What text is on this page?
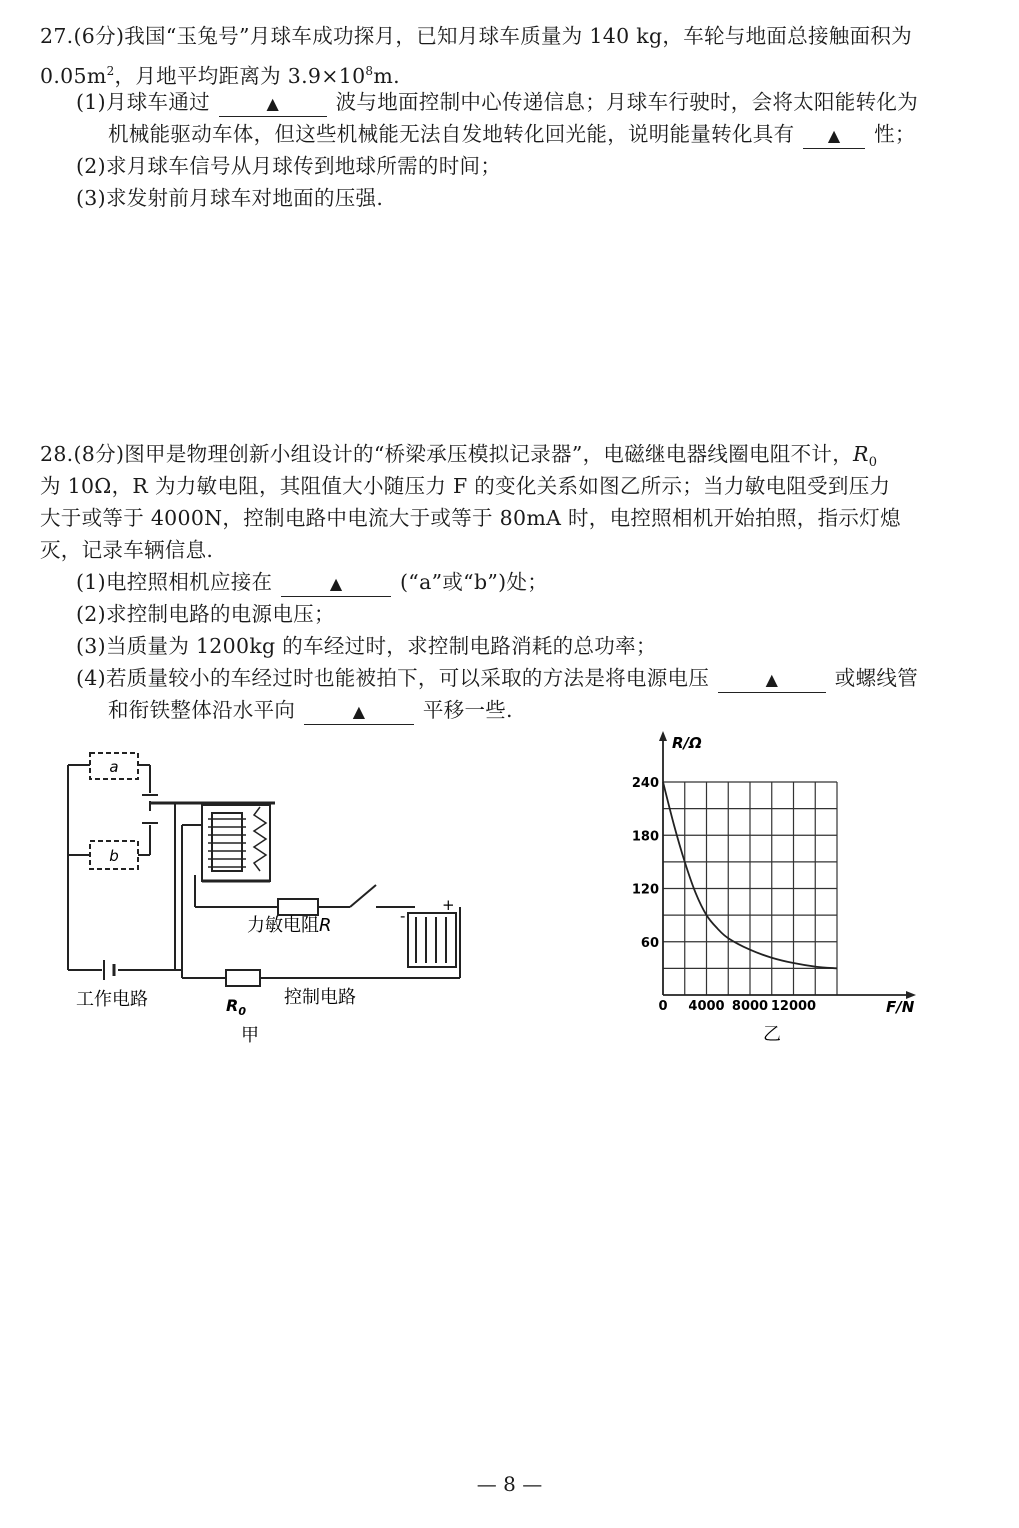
27.(6分)我国“玉兔号”月球车成功探月，已知月球车质量为 140 kg，车轮与地面总接触面积为
$0.05m^2$，月地平均距离为 $3.9\times 10^8m$.
(1)月球车通过	▲	波与地面控制中心传递信息；月球车行驶时，会将太阳能转化为
机械能驱动车体，但这些机械能无法自发地转化回光能，说明能量转化具有 ▲ 性；
(2)求月球车信号从月球传到地球所需的时间；
(3)求发射前月球车对地面的压强.
28.(8分)图甲是物理创新小组设计的“桥梁承压模拟记录器”，电磁继电器线圈电阻不计，$R_0$
为 10Ω，R 为力敏电阻，其阻值大小随压力 F 的变化关系如图乙所示；当力敏电阻受到压力
大于或等于 4000N，控制电路中电流大于或等于 80mA 时，电控照相机开始拍照，指示灯熄
灭，记录车辆信息.
(1)电控照相机应接在	▲	(“a”或“b”)处；
(2)求控制电路的电源电压；
(3)当质量为 1200kg 的车经过时，求控制电路消耗的总功率；
(4)若质量较小的车经过时也能被拍下，可以采取的方法是将电源电压	▲	或螺线管
和衔铁整体沿水平向	▲	平移一些.
a
b
力敏电阻R
工作电路	控制电路
$R_0$
+
-
甲
R/Ω
F/N
0 4000 8000 12000
60
120
180
240
乙
— 8 —
